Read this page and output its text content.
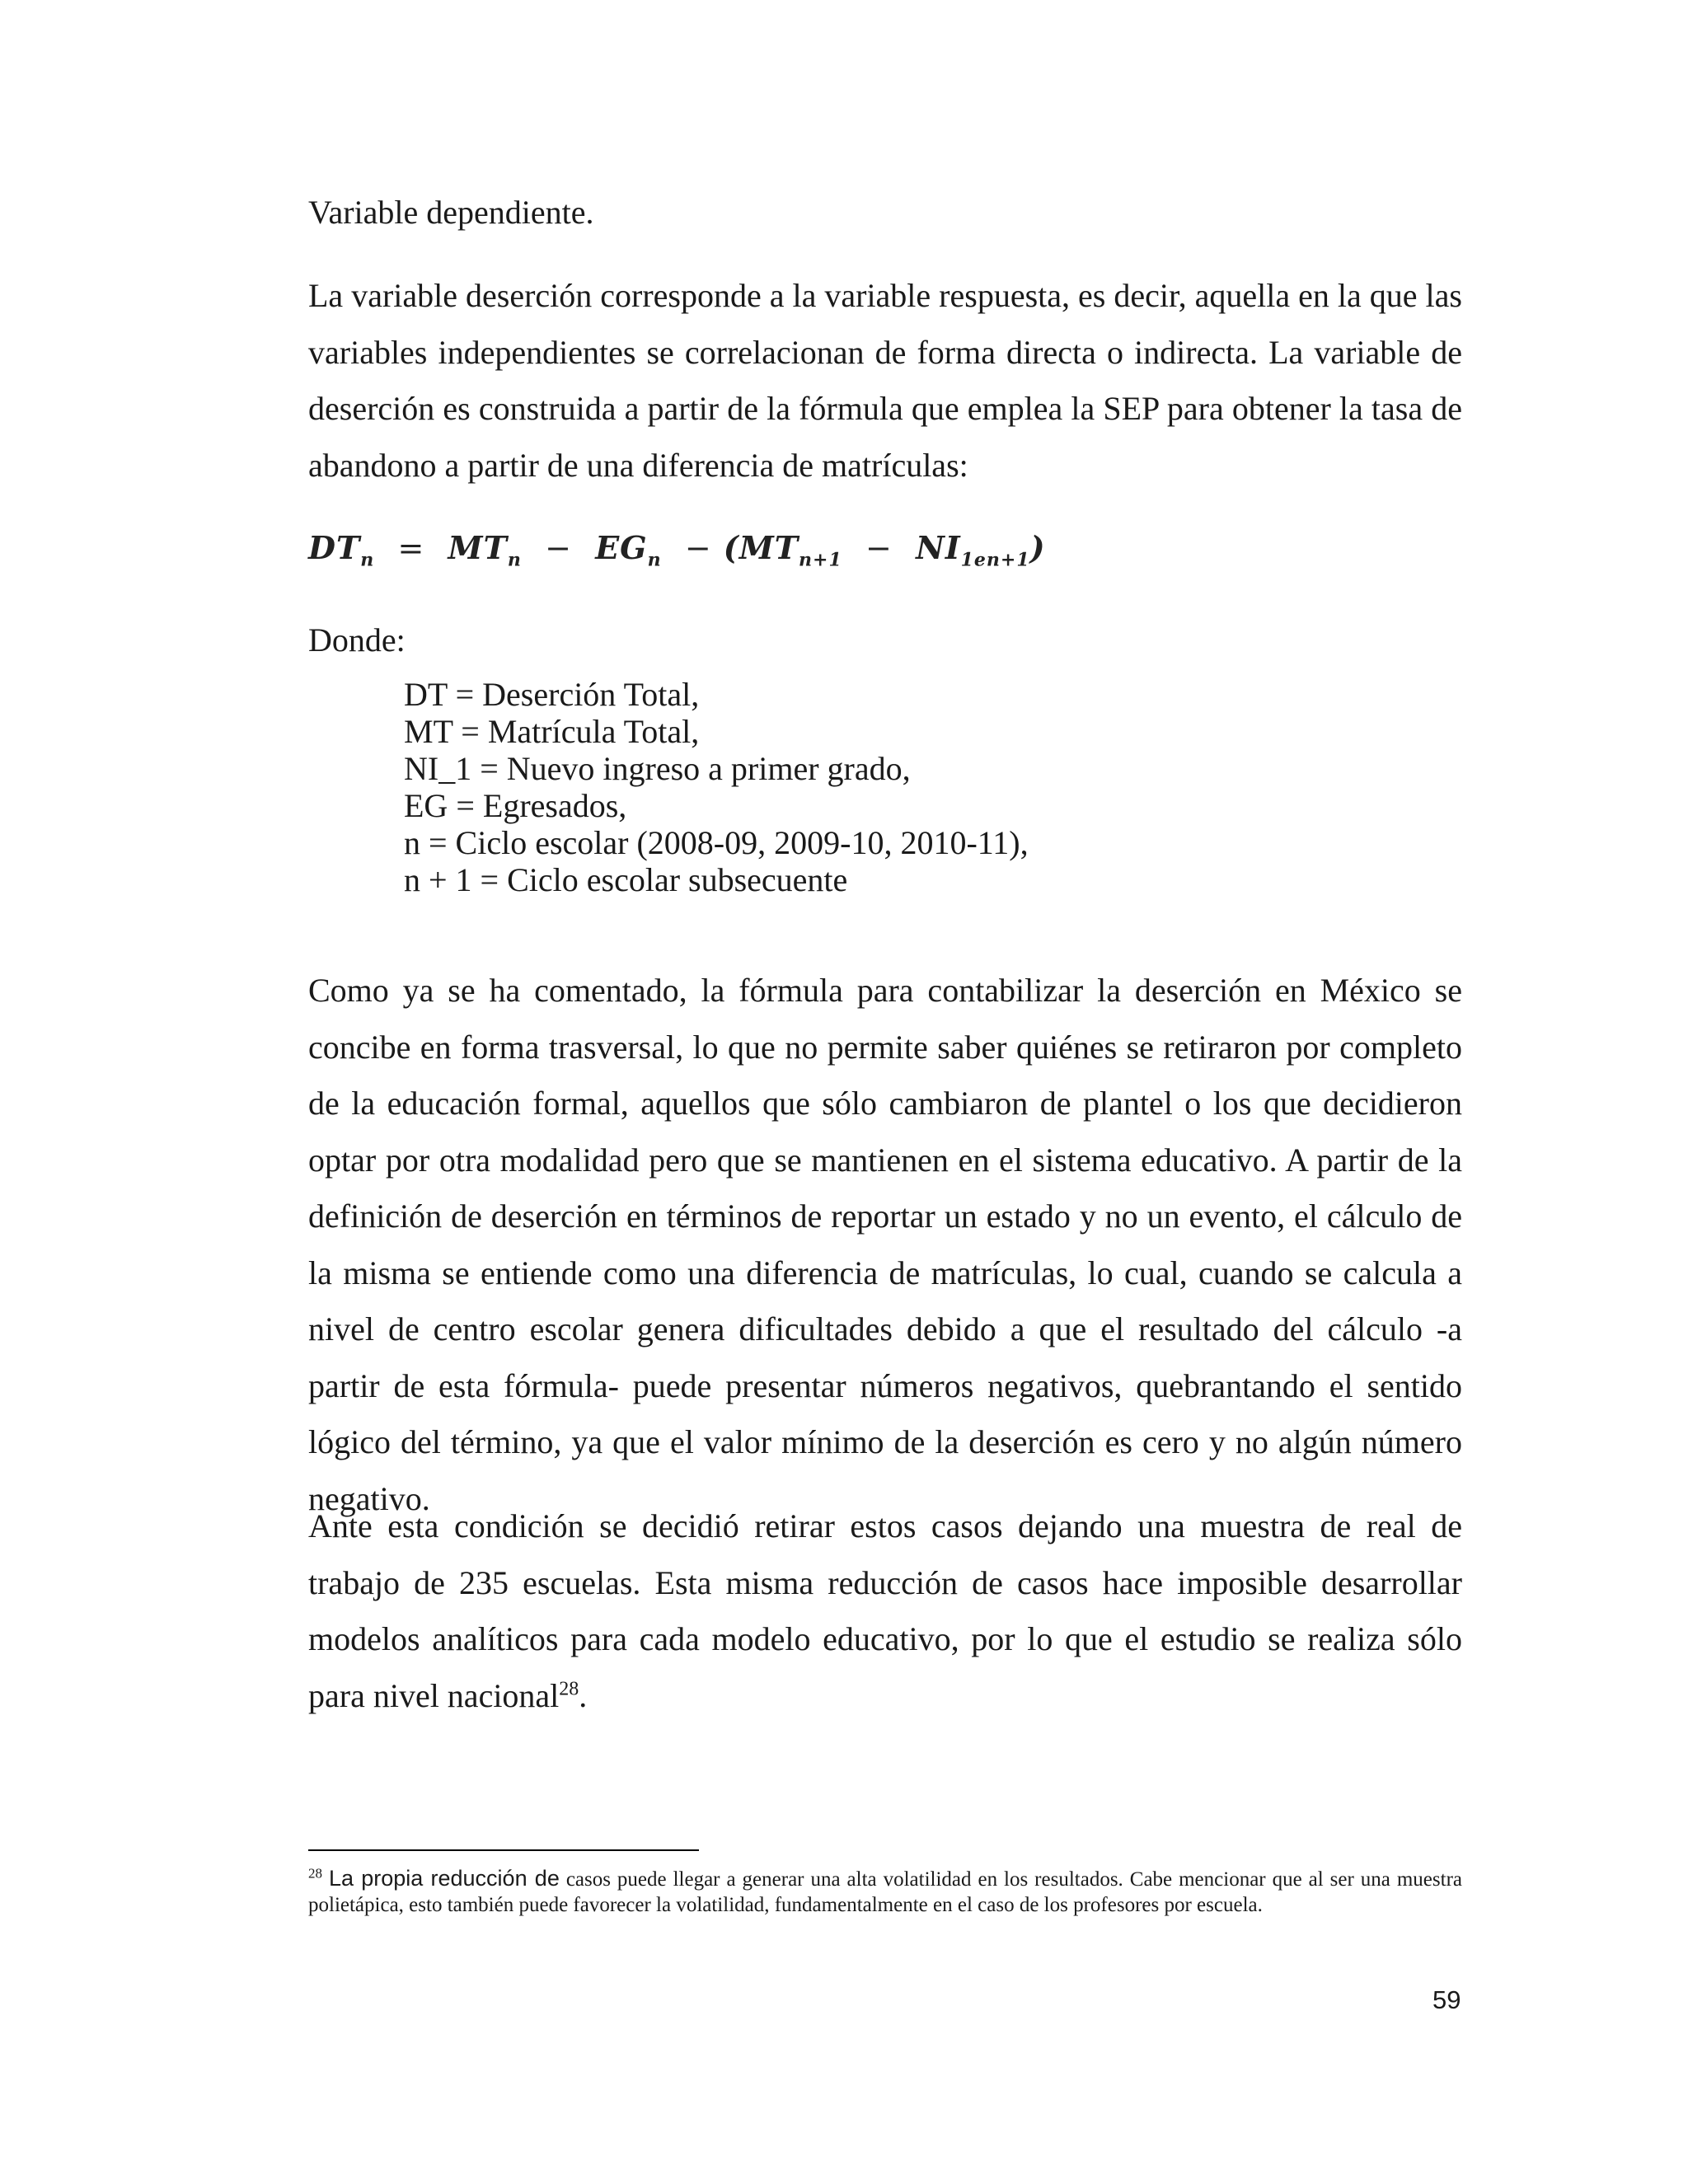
Variable dependiente.

La variable deserción corresponde a la variable respuesta, es decir, aquella en la que las variables independientes se correlacionan de forma directa o indirecta. La variable de deserción es construida a partir de la fórmula que emplea la SEP para obtener la tasa de abandono a partir de una diferencia de matrículas:

$DT_n = MT_n - EG_n - (MT_{n+1} - NI_{1en+1})$
Donde:
DT = Deserción Total,
MT = Matrícula Total,
NI_1 = Nuevo ingreso a primer grado,
EG = Egresados,
n = Ciclo escolar (2008-09, 2009-10, 2010-11),
n + 1 = Ciclo escolar subsecuente

Como ya se ha comentado, la fórmula para contabilizar la deserción en México se concibe en forma trasversal, lo que no permite saber quiénes se retiraron por completo de la educación formal, aquellos que sólo cambiaron de plantel o los que decidieron optar por otra modalidad pero que se mantienen en el sistema educativo. A partir de la definición de deserción en términos de reportar un estado y no un evento, el cálculo de la misma se entiende como una diferencia de matrículas, lo cual, cuando se calcula a nivel de centro escolar genera dificultades debido a que el resultado del cálculo -a partir de esta fórmula- puede presentar números negativos, quebrantando el sentido lógico del término, ya que el valor mínimo de la deserción es cero y no algún número negativo.

Ante esta condición se decidió retirar estos casos dejando una muestra de real de trabajo de 235 escuelas. Esta misma reducción de casos hace imposible desarrollar modelos analíticos para cada modelo educativo, por lo que el estudio se realiza sólo para nivel nacional$^{28}$.

$^{28}$ La propia reducción de casos puede llegar a generar una alta volatilidad en los resultados. Cabe mencionar que al ser una muestra polietápica, esto también puede favorecer la volatilidad, fundamentalmente en el caso de los profesores por escuela.
59
